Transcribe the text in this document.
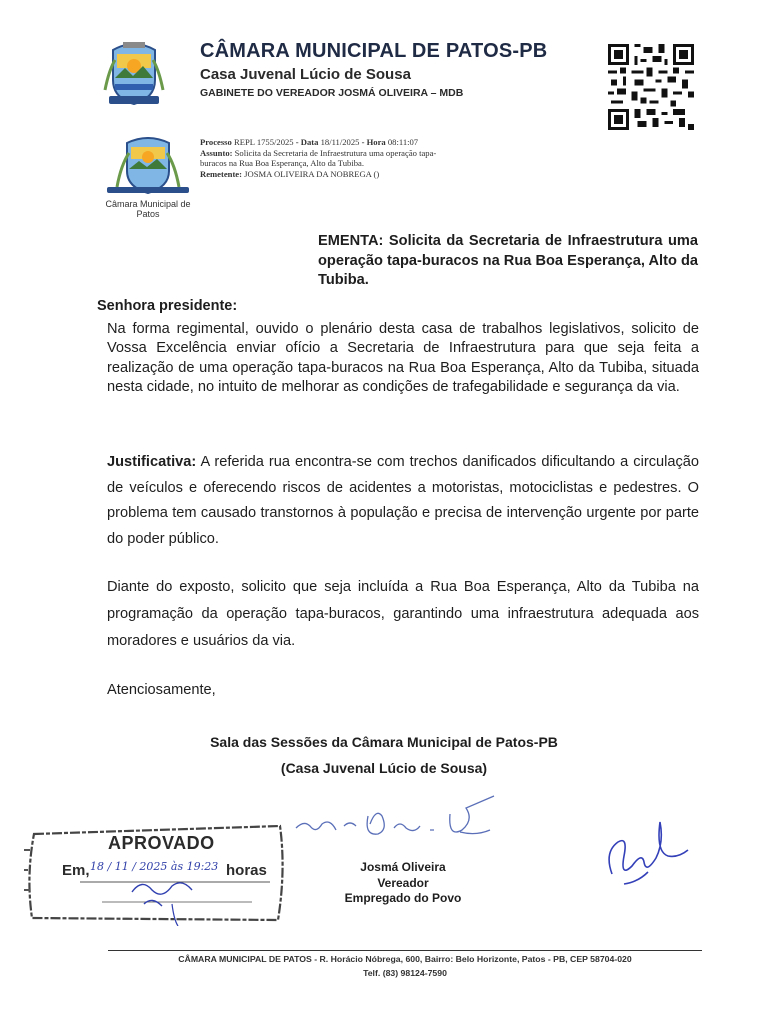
CÂMARA MUNICIPAL DE PATOS-PB
Casa Juvenal Lúcio de Sousa
GABINETE DO VEREADOR JOSMÁ OLIVEIRA – MDB
Câmara Municipal de Patos
Processo REPL 1755/2025 - Data 18/11/2025 - Hora 08:11:07 Assunto: Solicita da Secretaria de Infraestrutura uma operação tapa-buracos na Rua Boa Esperança, Alto da Tubiba.
Remetente: JOSMA OLIVEIRA DA NOBREGA ()
EMENTA: Solicita da Secretaria de Infraestrutura uma operação tapa-buracos na Rua Boa Esperança, Alto da Tubiba.
Senhora presidente:
Na forma regimental, ouvido o plenário desta casa de trabalhos legislativos, solicito de Vossa Excelência enviar ofício a Secretaria de Infraestrutura para que seja feita a realização de uma operação tapa-buracos na Rua Boa Esperança, Alto da Tubiba, situada nesta cidade, no intuito de melhorar as condições de trafegabilidade e segurança da via.
Justificativa: A referida rua encontra-se com trechos danificados dificultando a circulação de veículos e oferecendo riscos de acidentes a motoristas, motociclistas e pedestres. O problema tem causado transtornos à população e precisa de intervenção urgente por parte do poder público.
Diante do exposto, solicito que seja incluída a Rua Boa Esperança, Alto da Tubiba na programação da operação tapa-buracos, garantindo uma infraestrutura adequada aos moradores e usuários da via.
Atenciosamente,
Sala das Sessões da Câmara Municipal de Patos-PB
(Casa Juvenal Lúcio de Sousa)
Josmá Oliveira
Vereador
Empregado do Povo
APROVADO
Em, 18 / 11 / 2025 às 19:23 horas
CÂMARA MUNICIPAL DE PATOS - R. Horácio Nóbrega, 600, Bairro: Belo Horizonte, Patos - PB, CEP 58704-020
Telf. (83) 98124-7590
